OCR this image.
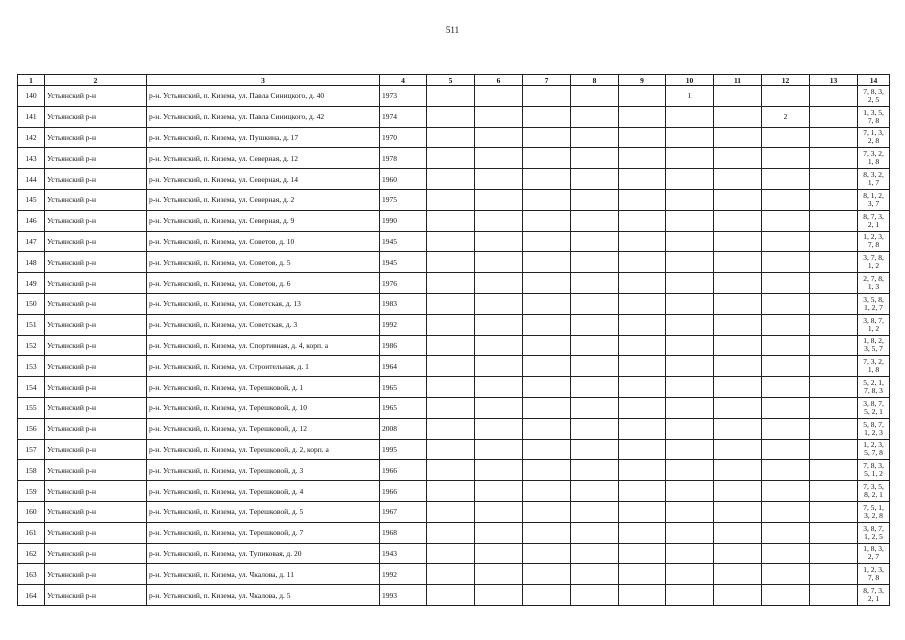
511
1	2	3	4	5	6	7	8	9	10	11	12	13	14
140	Устьянский р-н	р-н. Устьянский, п. Кизема, ул. Павла Синицкого, д. 40	1973						1				7, 8, 3, 2, 5
141	Устьянский р-н	р-н. Устьянский, п. Кизема, ул. Павла Синицкого, д. 42	1974								2		1, 3, 5, 7, 8
142	Устьянский р-н	р-н. Устьянский, п. Кизема, ул. Пушкина, д. 17	1970										7, 1, 3, 2, 8
143	Устьянский р-н	р-н. Устьянский, п. Кизема, ул. Северная, д. 12	1978										7, 3, 2, 1, 8
144	Устьянский р-н	р-н. Устьянский, п. Кизема, ул. Северная, д. 14	1960										8, 3, 2, 1, 7
145	Устьянский р-н	р-н. Устьянский, п. Кизема, ул. Северная, д. 2	1975										8, 1, 2, 3, 7
146	Устьянский р-н	р-н. Устьянский, п. Кизема, ул. Северная, д. 9	1990										8, 7, 3, 2, 1
147	Устьянский р-н	р-н. Устьянский, п. Кизема, ул. Советов, д. 10	1945										1, 2, 3, 7, 8
148	Устьянский р-н	р-н. Устьянский, п. Кизема, ул. Советов, д. 5	1945										3, 7, 8, 1, 2
149	Устьянский р-н	р-н. Устьянский, п. Кизема, ул. Советов, д. 6	1976										2, 7, 8, 1, 3
150	Устьянский р-н	р-н. Устьянский, п. Кизема, ул. Советская, д. 13	1983										3, 5, 8, 1, 2, 7
151	Устьянский р-н	р-н. Устьянский, п. Кизема, ул. Советская, д. 3	1992										3, 8, 7, 1, 2
152	Устьянский р-н	р-н. Устьянский, п. Кизема, ул. Спортивная, д. 4, корп. а	1986										1, 8, 2, 3, 5, 7
153	Устьянский р-н	р-н. Устьянский, п. Кизема, ул. Строительная, д. 1	1964										7, 3, 2, 1, 8
154	Устьянский р-н	р-н. Устьянский, п. Кизема, ул. Терешковой, д. 1	1965										5, 2, 1, 7, 8, 3
155	Устьянский р-н	р-н. Устьянский, п. Кизема, ул. Терешковой, д. 10	1965										3, 8, 7, 5, 2, 1
156	Устьянский р-н	р-н. Устьянский, п. Кизема, ул. Терешковой, д. 12	2008										5, 8, 7, 1, 2, 3
157	Устьянский р-н	р-н. Устьянский, п. Кизема, ул. Терешковой, д. 2, корп. а	1995										1, 2, 3, 5, 7, 8
158	Устьянский р-н	р-н. Устьянский, п. Кизема, ул. Терешковой, д. 3	1966										7, 8, 3, 5, 1, 2
159	Устьянский р-н	р-н. Устьянский, п. Кизема, ул. Терешковой, д. 4	1966										7, 3, 5, 8, 2, 1
160	Устьянский р-н	р-н. Устьянский, п. Кизема, ул. Терешковой, д. 5	1967										7, 5, 1, 3, 2, 8
161	Устьянский р-н	р-н. Устьянский, п. Кизема, ул. Терешковой, д. 7	1968										3, 8, 7, 1, 2, 5
162	Устьянский р-н	р-н. Устьянский, п. Кизема, ул. Тупиковая, д. 20	1943										1, 8, 3, 2, 7
163	Устьянский р-н	р-н. Устьянский, п. Кизема, ул. Чкалова, д. 11	1992										1, 2, 3, 7, 8
164	Устьянский р-н	р-н. Устьянский, п. Кизема, ул. Чкалова, д. 5	1993										8, 7, 3, 2, 1
